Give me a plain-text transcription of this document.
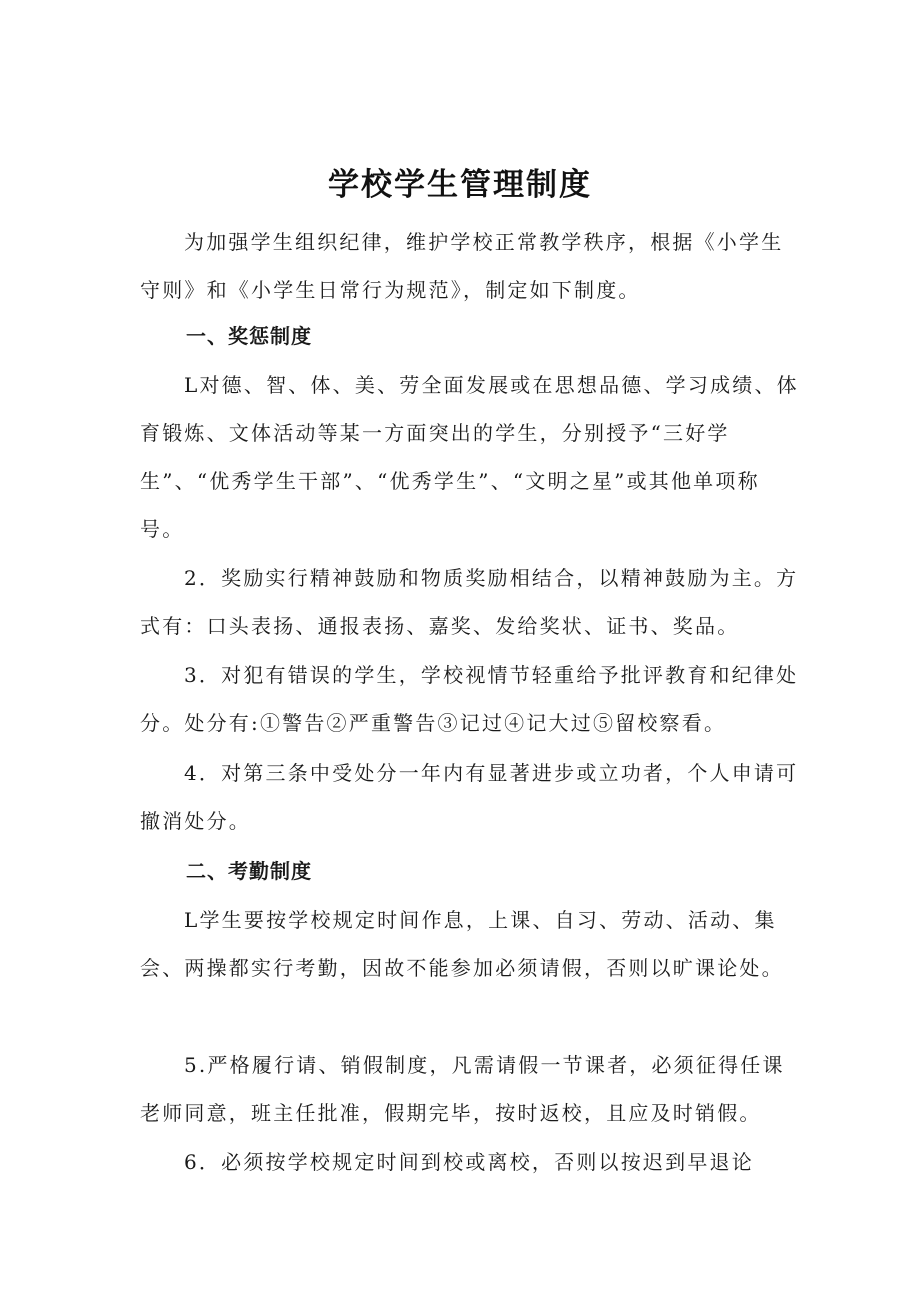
学校学生管理制度

为加强学生组织纪律，维护学校正常教学秩序，根据《小学生守则》和《小学生日常行为规范》，制定如下制度。

一、奖惩制度

L对德、智、体、美、劳全面发展或在思想品德、学习成绩、体育锻炼、文体活动等某一方面突出的学生，分别授予“三好学生”、“优秀学生干部”、“优秀学生”、“文明之星”或其他单项称号。

2．奖励实行精神鼓励和物质奖励相结合，以精神鼓励为主。方式有：口头表扬、通报表扬、嘉奖、发给奖状、证书、奖品。

3．对犯有错误的学生，学校视情节轻重给予批评教育和纪律处分。处分有:①警告②严重警告③记过④记大过⑤留校察看。

4．对第三条中受处分一年内有显著进步或立功者，个人申请可撤消处分。

二、考勤制度

L学生要按学校规定时间作息，上课、自习、劳动、活动、集会、两操都实行考勤，因故不能参加必须请假，否则以旷课论处。

5.严格履行请、销假制度，凡需请假一节课者，必须征得任课老师同意，班主任批准，假期完毕，按时返校，且应及时销假。

6．必须按学校规定时间到校或离校，否则以按迟到早退论
